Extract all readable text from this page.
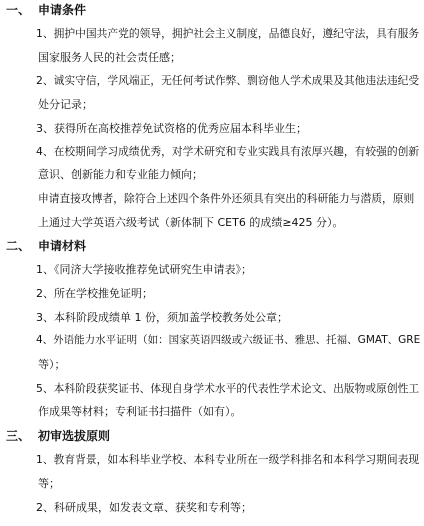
一、 申请条件
1、拥护中国共产党的领导，拥护社会主义制度，品德良好，遵纪守法，具有服务
国家服务人民的社会责任感；
2、诚实守信，学风端正，无任何考试作弊、剽窃他人学术成果及其他违法违纪受
处分记录；
3、获得所在高校推荐免试资格的优秀应届本科毕业生；
4、在校期间学习成绩优秀，对学术研究和专业实践具有浓厚兴趣，有较强的创新
意识、创新能力和专业能力倾向；
申请直接攻博者，除符合上述四个条件外还须具有突出的科研能力与潜质，原则
上通过大学英语六级考试（新体制下 CET6 的成绩≥425 分）。
二、 申请材料
1、《同济大学接收推荐免试研究生申请表》；
2、所在学校推免证明；
3、本科阶段成绩单 1 份，须加盖学校教务处公章；
4、外语能力水平证明（如：国家英语四级或六级证书、雅思、托福、GMAT、GRE
等）；
5、本科阶段获奖证书、体现自身学术水平的代表性学术论文、出版物或原创性工
作成果等材料；专利证书扫描件（如有）。
三、 初审选拔原则
1、教育背景，如本科毕业学校、本科专业所在一级学科排名和本科学习期间表现
等；
2、科研成果，如发表文章、获奖和专利等；
